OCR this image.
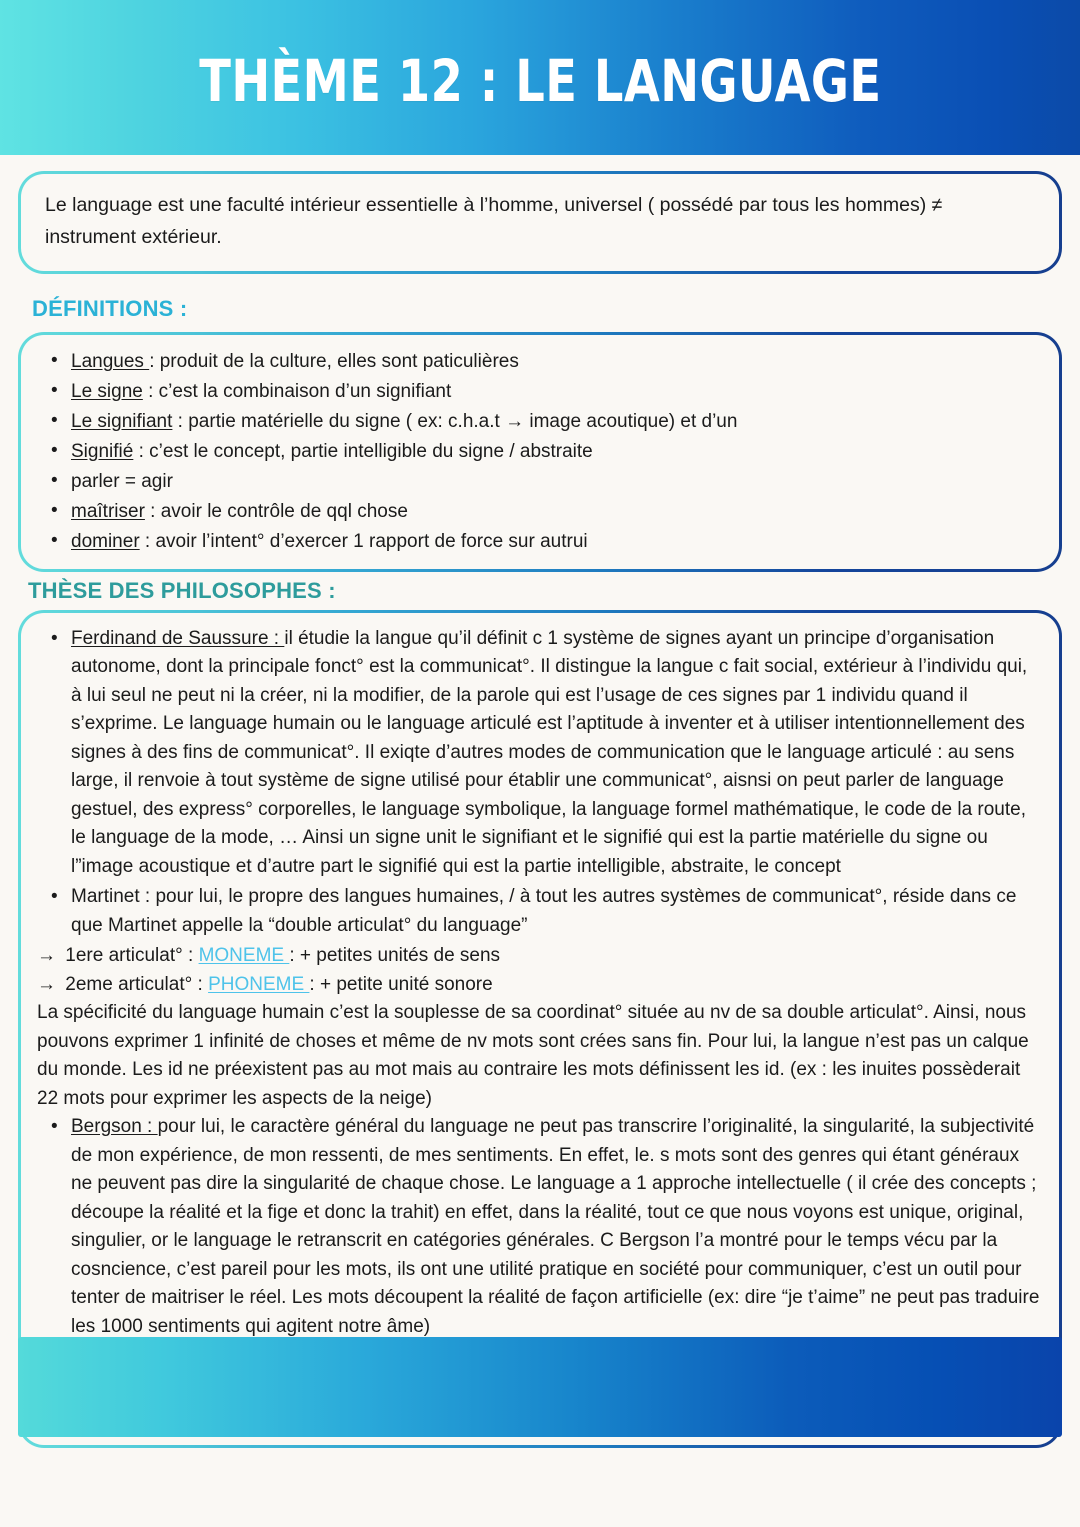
THÈME 12 : LE LANGUAGE
Le language est une faculté intérieur essentielle à l’homme, universel ( possédé par tous les hommes) ≠ instrument extérieur.
DÉFINITIONS :
• Langues : produit de la culture, elles sont paticulières
• Le signe : c’est la combinaison d’un signifiant
• Le signifiant : partie matérielle du signe ( ex: c.h.a.t → image acoutique) et d’un
• Signifié : c’est le concept, partie intelligible du signe / abstraite
• parler = agir
• maîtriser : avoir le contrôle de qql chose
• dominer : avoir l’intent° d’exercer 1 rapport de force sur autrui
THÈSE DES PHILOSOPHES :
• Ferdinand de Saussure : il étudie la langue qu’il définit c 1 système de signes ayant un principe d’organisation autonome, dont la principale fonct° est la communicat°. Il distingue la langue c fait social, extérieur à l’individu qui, à lui seul ne peut ni la créer, ni la modifier, de la parole qui est l’usage de ces signes par 1 individu quand il s’exprime. Le language humain ou le language articulé est l’aptitude à inventer et à utiliser intentionnellement des signes à des fins de communicat°. Il exiqte d’autres modes de communication que le language articulé : au sens large, il renvoie à tout système de signe utilisé pour établir une communicat°, aisnsi on peut parler de language gestuel, des express° corporelles, le language symbolique, la language formel mathématique, le code de la route, le language de la mode, … Ainsi un signe unit le signifiant et le signifié qui est la partie matérielle du signe ou l”image acoustique et d’autre part le signifié qui est la partie intelligible, abstraite, le concept
• Martinet : pour lui, le propre des langues humaines, / à tout les autres systèmes de communicat°, réside dans ce que Martinet appelle la “double articulat° du language”
→ 1ere articulat° : MONEME : + petites unités de sens
→ 2eme articulat° : PHONEME : + petite unité sonore

La spécificité du language humain c’est la souplesse de sa coordinat° située au nv de sa double articulat°. Ainsi, nous pouvons exprimer 1 infinité de choses et même de nv mots sont crées sans fin. Pour lui, la langue n’est pas un calque du monde. Les id ne préexistent pas au mot mais au contraire les mots définissent les id. (ex : les inuites possèderait 22 mots pour exprimer les aspects de la neige)

• Bergson : pour lui, le caractère général du language ne peut pas transcrire l’originalité, la singularité, la subjectivité de mon expérience, de mon ressenti, de mes sentiments. En effet, le. s mots sont des genres qui étant généraux ne peuvent pas dire la singularité de chaque chose. Le language a 1 approche intellectuelle ( il crée des concepts ; découpe la réalité et la fige et donc la trahit) en effet, dans la réalité, tout ce que nous voyons est unique, original, singulier, or le language le retranscrit en catégories générales. C Bergson l’a montré pour le temps vécu par la cosncience, c’est pareil pour les mots, ils ont une utilité pratique en société pour communiquer, c’est un outil pour tenter de maitriser le réel. Les mots découpent la réalité de façon artificielle (ex: dire “je t’aime” ne peut pas traduire les 1000 sentiments qui agitent notre âme)
•
